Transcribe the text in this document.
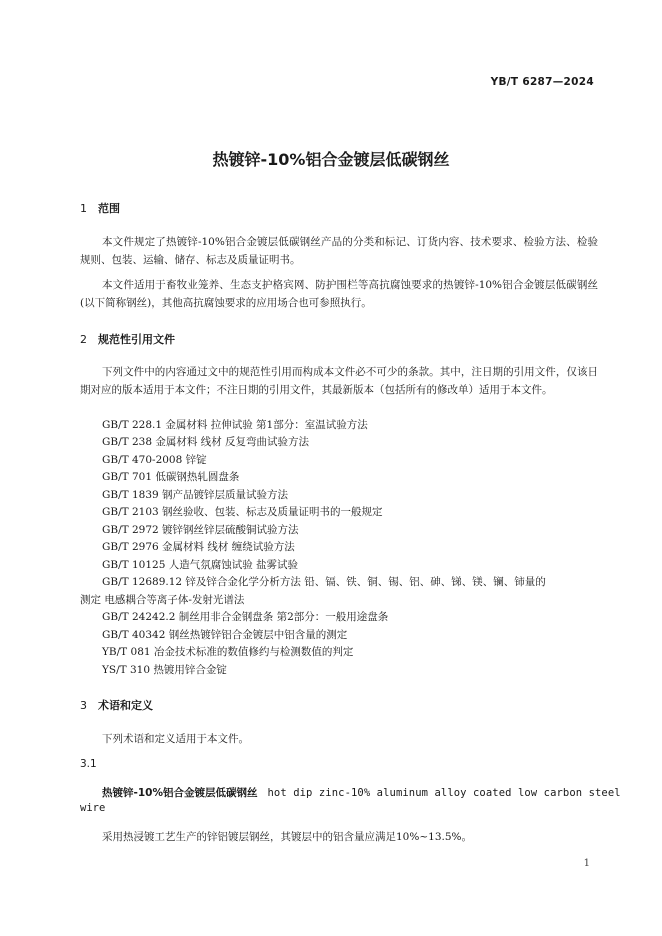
YB/T 6287—2024
热镀锌-10%铝合金镀层低碳钢丝
1 范围
本文件规定了热镀锌-10%铝合金镀层低碳钢丝产品的分类和标记、订货内容、技术要求、检验方法、检验规则、包装、运输、储存、标志及质量证明书。
本文件适用于畜牧业笼养、生态支护格宾网、防护围栏等高抗腐蚀要求的热镀锌-10%铝合金镀层低碳钢丝(以下简称钢丝)，其他高抗腐蚀要求的应用场合也可参照执行。
2 规范性引用文件
下列文件中的内容通过文中的规范性引用而构成本文件必不可少的条款。其中，注日期的引用文件，仅该日期对应的版本适用于本文件；不注日期的引用文件，其最新版本（包括所有的修改单）适用于本文件。
GB/T 228.1 金属材料 拉伸试验 第1部分：室温试验方法
GB/T 238 金属材料 线材 反复弯曲试验方法
GB/T 470-2008 锌锭
GB/T 701 低碳钢热轧圆盘条
GB/T 1839 钢产品镀锌层质量试验方法
GB/T 2103 钢丝验收、包装、标志及质量证明书的一般规定
GB/T 2972 镀锌钢丝锌层硫酸铜试验方法
GB/T 2976 金属材料 线材 缠绕试验方法
GB/T 10125 人造气氛腐蚀试验 盐雾试验
GB/T 12689.12 锌及锌合金化学分析方法 铅、镉、铁、铜、锡、铝、砷、锑、镁、镧、铈量的
测定 电感耦合等离子体-发射光谱法
GB/T 24242.2 制丝用非合金钢盘条 第2部分：一般用途盘条
GB/T 40342 钢丝热镀锌铝合金镀层中铝含量的测定
YB/T 081 冶金技术标准的数值修约与检测数值的判定
YS/T 310 热镀用锌合金锭
3 术语和定义
下列术语和定义适用于本文件。
3.1
热镀锌-10%铝合金镀层低碳钢丝 hot dip zinc-10% aluminum alloy coated low carbon steel
wire
采用热浸镀工艺生产的锌铝镀层钢丝，其镀层中的铝含量应满足10%~13.5%。
1
